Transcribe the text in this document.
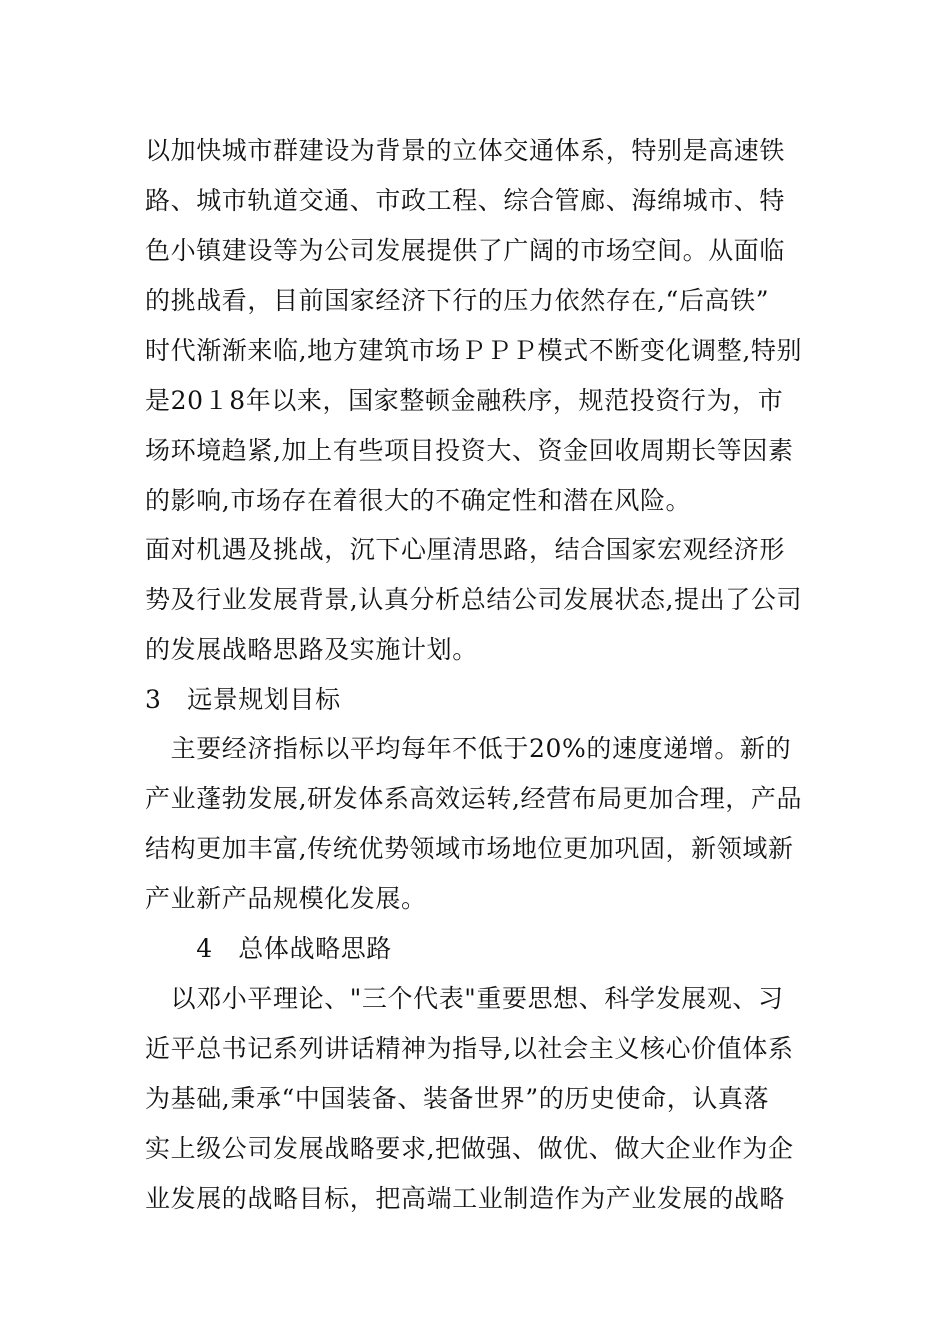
以加快城市群建设为背景的立体交通体系，特别是高速铁
路、城市轨道交通、市政工程、综合管廊、海绵城市、特
色小镇建设等为公司发展提供了广阔的市场空间。从面临
的挑战看，目前国家经济下行的压力依然存在,“后高铁”
时代渐渐来临,地方建筑市场ＰＰＰ模式不断变化调整,特别
是20１8年以来，国家整顿金融秩序，规范投资行为，市
场环境趋紧,加上有些项目投资大、资金回收周期长等因素
的影响,市场存在着很大的不确定性和潜在风险。
面对机遇及挑战，沉下心厘清思路，结合国家宏观经济形
势及行业发展背景,认真分析总结公司发展状态,提出了公司
的发展战略思路及实施计划。
3　远景规划目标
　主要经济指标以平均每年不低于20%的速度递增。新的
产业蓬勃发展,研发体系高效运转,经营布局更加合理，产品
结构更加丰富,传统优势领域市场地位更加巩固，新领域新
产业新产品规模化发展。
　　4　总体战略思路
　以邓小平理论、"三个代表"重要思想、科学发展观、习
近平总书记系列讲话精神为指导,以社会主义核心价值体系
为基础,秉承“中国装备、装备世界”的历史使命，认真落
实上级公司发展战略要求,把做强、做优、做大企业作为企
业发展的战略目标，把高端工业制造作为产业发展的战略
